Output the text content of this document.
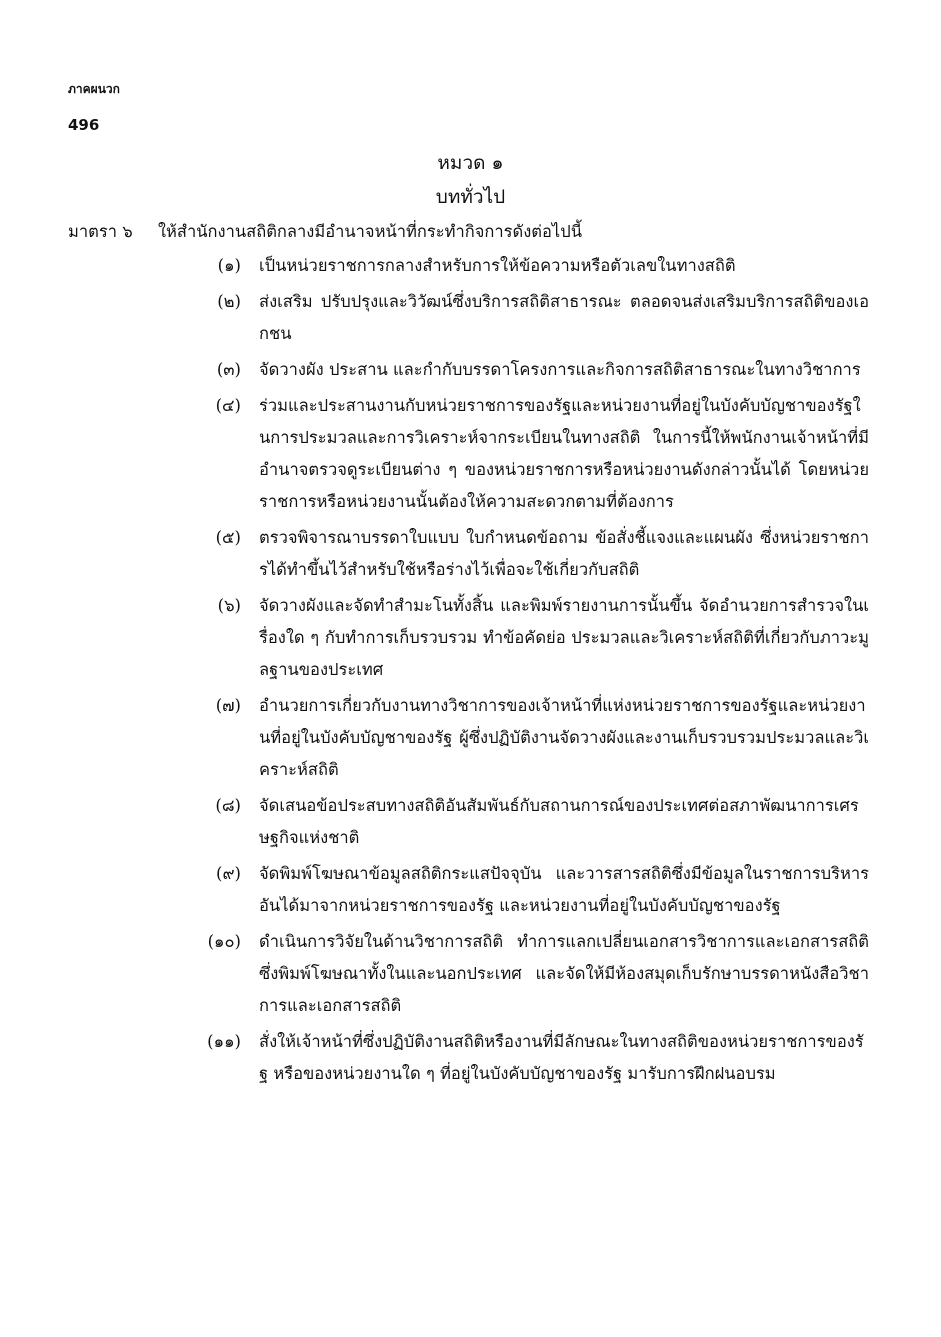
ภาคผนวก
496
หมวด ๑
บททั่วไป
มาตรา ๖ ให้สำนักงานสถิติกลางมีอำนาจหน้าที่กระทำกิจการดังต่อไปนี้
(๑) เป็นหน่วยราชการกลางสำหรับการให้ข้อความหรือตัวเลขในทางสถิติ
(๒) ส่งเสริม ปรับปรุงและวิวัฒน์ซึ่งบริการสถิติสาธารณะ ตลอดจนส่งเสริมบริการสถิติของเอกชน
(๓) จัดวางผัง ประสาน และกำกับบรรดาโครงการและกิจการสถิติสาธารณะในทางวิชาการ
(๔) ร่วมและประสานงานกับหน่วยราชการของรัฐและหน่วยงานที่อยู่ในบังคับบัญชาของรัฐในการประมวลและการวิเคราะห์จากระเบียนในทางสถิติ ในการนี้ให้พนักงานเจ้าหน้าที่มีอำนาจตรวจดูระเบียนต่าง ๆ ของหน่วยราชการหรือหน่วยงานดังกล่าวนั้นได้ โดยหน่วยราชการหรือหน่วยงานนั้นต้องให้ความสะดวกตามที่ต้องการ
(๕) ตรวจพิจารณาบรรดาใบแบบ ใบกำหนดข้อถาม ข้อสั่งชี้แจงและแผนผัง ซึ่งหน่วยราชการได้ทำขึ้นไว้สำหรับใช้หรือร่างไว้เพื่อจะใช้เกี่ยวกับสถิติ
(๖) จัดวางผังและจัดทำสำมะโนทั้งสิ้น และพิมพ์รายงานการนั้นขึ้น จัดอำนวยการสำรวจในเรื่องใด ๆ กับทำการเก็บรวบรวม ทำข้อคัดย่อ ประมวลและวิเคราะห์สถิติที่เกี่ยวกับภาวะมูลฐานของประเทศ
(๗) อำนวยการเกี่ยวกับงานทางวิชาการของเจ้าหน้าที่แห่งหน่วยราชการของรัฐและหน่วยงานที่อยู่ในบังคับบัญชาของรัฐ ผู้ซึ่งปฏิบัติงานจัดวางผังและงานเก็บรวบรวมประมวลและวิเคราะห์สถิติ
(๘) จัดเสนอข้อประสบทางสถิติอันสัมพันธ์กับสถานการณ์ของประเทศต่อสภาพัฒนาการเศรษฐกิจแห่งชาติ
(๙) จัดพิมพ์โฆษณาข้อมูลสถิติกระแสปัจจุบัน และวารสารสถิติซึ่งมีข้อมูลในราชการบริหารอันได้มาจากหน่วยราชการของรัฐ และหน่วยงานที่อยู่ในบังคับบัญชาของรัฐ
(๑๐) ดำเนินการวิจัยในด้านวิชาการสถิติ ทำการแลกเปลี่ยนเอกสารวิชาการและเอกสารสถิติ ซึ่งพิมพ์โฆษณาทั้งในและนอกประเทศ และจัดให้มีห้องสมุดเก็บรักษาบรรดาหนังสือวิชาการและเอกสารสถิติ
(๑๑) สั่งให้เจ้าหน้าที่ซึ่งปฏิบัติงานสถิติหรืองานที่มีลักษณะในทางสถิติของหน่วยราชการของรัฐ หรือของหน่วยงานใด ๆ ที่อยู่ในบังคับบัญชาของรัฐ มารับการฝึกฝนอบรม
